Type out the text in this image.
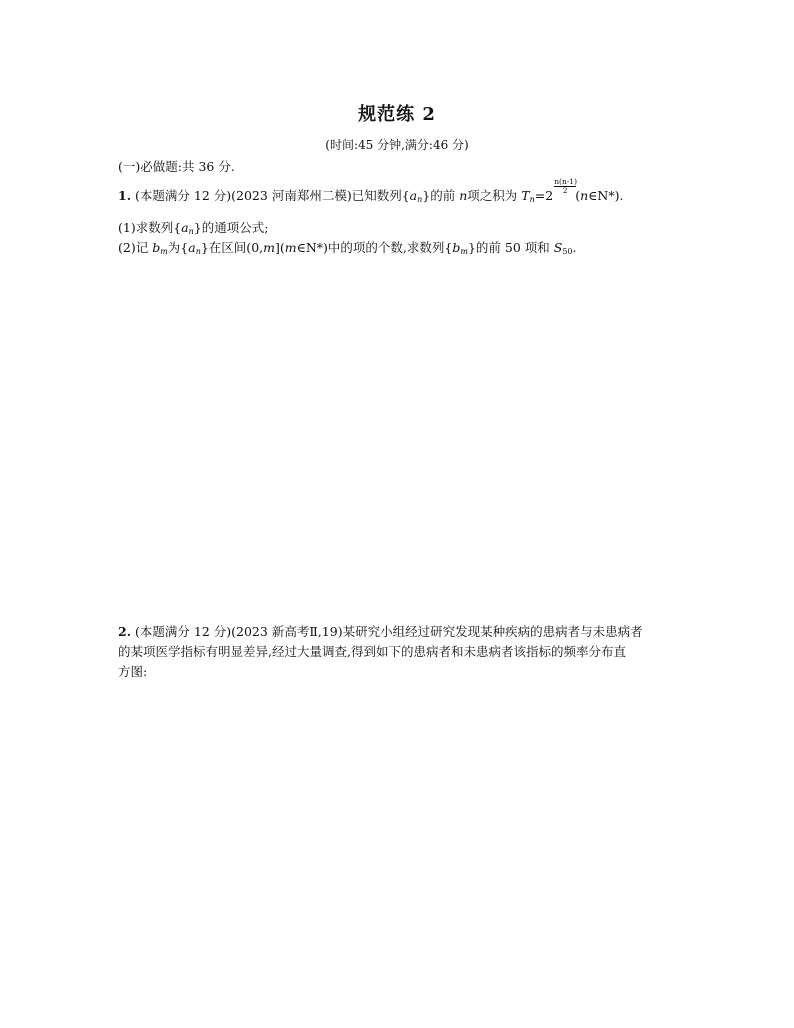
规范练 2
(时间:45 分钟,满分:46 分)
(一)必做题:共 36 分.
1. (本题满分 12 分)(2023 河南郑州二模)已知数列$\{a_n\}$的前 n项之积为 $T_n=2$
$\frac{n(n-1)}{2}$
(n∈N*).
(1)求数列$\{a_n\}$的通项公式;
(2)记 $b_m$为$\{a_n\}$在区间(0,m](m∈N*)中的项的个数,求数列$\{b_m\}$的前 50 项和 $S_{50}$.
2. (本题满分 12 分)(2023 新高考Ⅱ,19)某研究小组经过研究发现某种疾病的患病者与未患病者
的某项医学指标有明显差异,经过大量调查,得到如下的患病者和未患病者该指标的频率分布直
方图:
